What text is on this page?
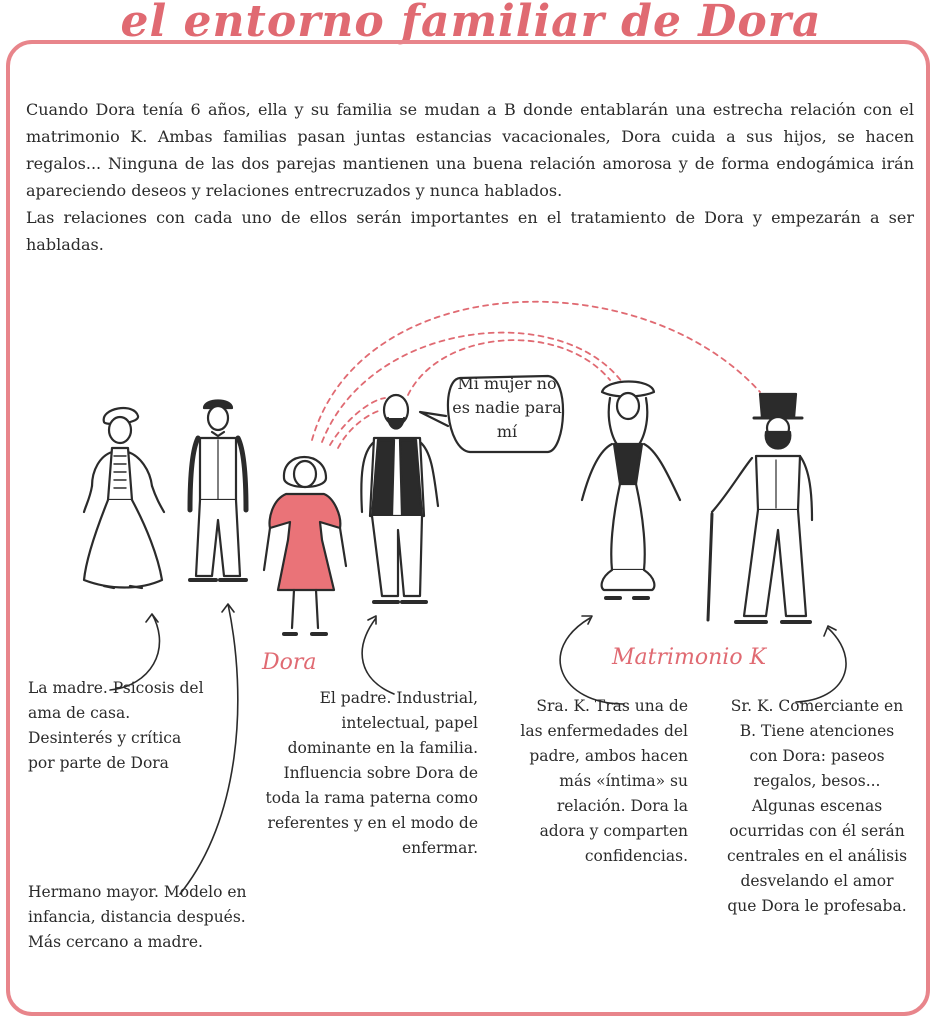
el entorno familiar de Dora

Cuando Dora tenía 6 años, ella y su familia se mudan a B donde entablarán una estrecha relación con el matrimonio K. Ambas familias pasan juntas estancias vacacionales, Dora cuida a sus hijos, se hacen regalos... Ninguna de las dos parejas mantienen una buena relación amorosa y de forma endogámica irán apareciendo deseos y relaciones entrecruzados y nunca hablados.

Las relaciones con cada uno de ellos serán importantes en el tratamiento de Dora y empezarán a ser habladas.

Mi mujer no es nadie para mí
Dora	Matrimonio K

La madre. Psicosis del ama de casa. Desinterés y crítica por parte de Dora

Hermano mayor. Modelo en infancia, distancia después. Más cercano a madre.

El padre. Industrial, intelectual, papel dominante en la familia. Influencia sobre Dora de toda la rama paterna como referentes y en el modo de enfermar.

Sra. K. Tras una de las enfermedades del padre, ambos hacen más «íntima» su relación. Dora la adora y comparten confidencias.

Sr. K. Comerciante en B. Tiene atenciones con Dora: paseos regalos, besos... Algunas escenas ocurridas con él serán centrales en el análisis desvelando el amor que Dora le profesaba.
